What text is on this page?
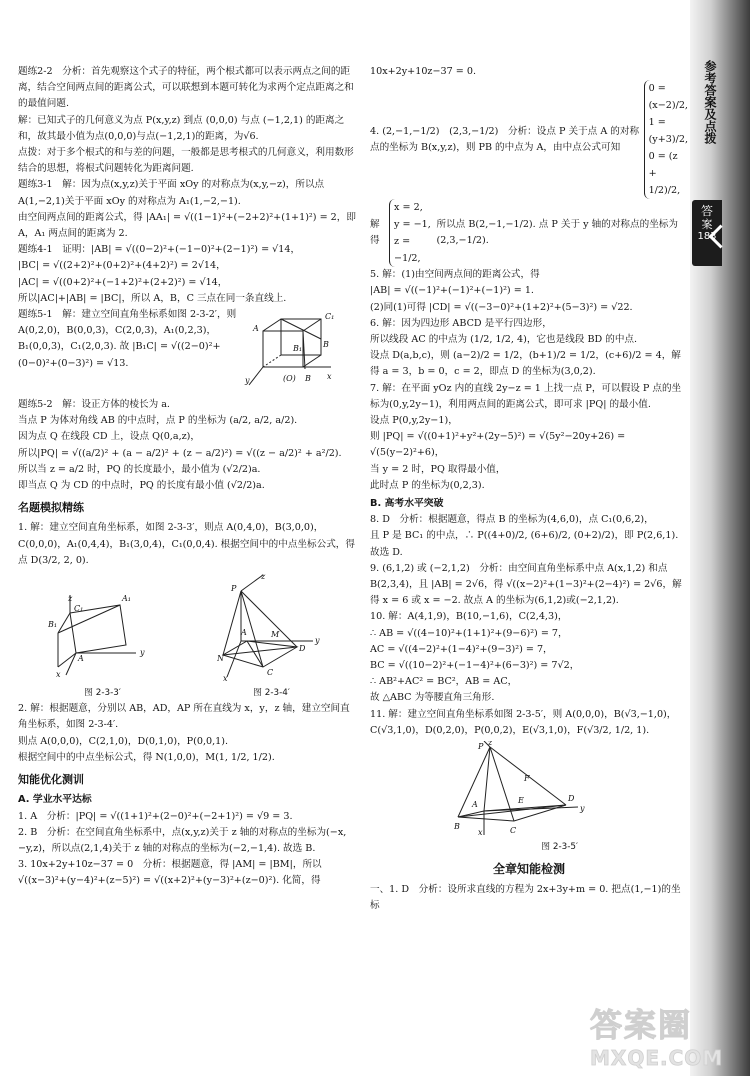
题练2-2　分析：首先观察这个式子的特征，两个根式都可以表示两点之间的距离，结合空间两点间的距离公式，可以联想到本题可转化为求两个定点距离之和的最值问题.

解：已知式子的几何意义为点 P(x,y,z) 到点 (0,0,0) 与点 (−1,2,1) 的距离之和，故其最小值为点(0,0,0)与点(−1,2,1)的距离，为√6.

点拨：对于多个根式的和与差的问题，一般都是思考根式的几何意义，利用数形结合的思想，将根式问题转化为距离问题.

题练3-1　解：因为点(x,y,z)关于平面 xOy 的对称点为(x,y,−z)，所以点 A(1,−2,1)关于平面 xOy 的对称点为 A₁(1,−2,−1).
由空间两点间的距离公式，得 |AA₁| = √((1−1)²+(−2+2)²+(1+1)²) = 2，即 A，A₁ 两点间的距离为 2.

题练4-1　证明：|AB| = √((0−2)²+(−1−0)²+(2−1)²) = √14，
|BC| = √((2+2)²+(0+2)²+(4+2)²) = 2√14，
|AC| = √((0+2)²+(−1+2)²+(2+2)²) = √14，
所以|AC|+|AB| = |BC|，所以 A，B，C 三点在同一条直线上.

题练5-1　解：建立空间直角坐标系如图 2-3-2′，则 A(0,2,0)，B(0,0,3)，C(2,0,3)，A₁(0,2,3)，B₁(0,0,3)，C₁(2,0,3). 故 |B₁C| = √((2−0)²+(0−0)²+(0−3)²) = √13.

A
C₁
B₁	B
y	(O) B x

题练5-2　解：设正方体的棱长为 a.
当点 P 为体对角线 AB 的中点时，点 P 的坐标为 (a/2, a/2, a/2).
因为点 Q 在线段 CD 上，设点 Q(0,a,z)，
所以|PQ| = √((a/2)² + (a − a/2)² + (z − a/2)²) = √((z − a/2)² + a²/2).

所以当 z = a/2 时，PQ 的长度最小，最小值为 (√2/2)a.

即当点 Q 为 CD 的中点时，PQ 的长度有最小值 (√2/2)a.

名题模拟精练

1. 解：建立空间直角坐标系，如图 2-3-3′，则点 A(0,4,0)，B(3,0,0)，C(0,0,0)，A₁(0,4,4)，B₁(3,0,4)，C₁(0,0,4). 根据空间中的中点坐标公式，得点 D(3/2, 2, 0).

z
B₁
A₁
C₁
x
A
y
图 2-3-3′
z
P
A	M
N
C
D
y
x
图 2-3-4′

2. 解：根据题意，分别以 AB，AD，AP 所在直线为 x，y，z 轴，建立空间直角坐标系，如图 2-3-4′.
则点 A(0,0,0)，C(2,1,0)，D(0,1,0)，P(0,0,1).
根据空间中的中点坐标公式，得 N(1,0,0)，M(1, 1/2, 1/2).

知能优化测训

A. 学业水平达标

1. A　分析：|PQ| = √((1+1)²+(2−0)²+(−2+1)²) = √9 = 3.
2. B　分析：在空间直角坐标系中，点(x,y,z)关于 z 轴的对称点的坐标为(−x,−y,z)，所以点(2,1,4)关于 z 轴的对称点的坐标为(−2,−1,4). 故选 B.
3. 10x+2y+10z−37 = 0　分析：根据题意，得 |AM| = |BM|，所以 √((x−3)²+(y−4)²+(z−5)²) = √((x+2)²+(y−3)²+(z−0)²). 化简，得

10x+2y+10z−37 = 0.

4. (2,−1,−1/2)　(2,3,−1/2)　分析：设点 P 关于点 A 的对称点的坐标为 B(x,y,z)，则 PB 的中点为 A，由中点公式可知
0 = (x−2)/2,
1 = (y+3)/2,
0 = (z + 1/2)/2,

解得
x = 2,
y = −1,
z = −1/2,
所以点 B(2,−1,−1/2). 点 P 关于 y 轴的对称点的坐标为(2,3,−1/2).

5. 解：(1)由空间两点间的距离公式，得
|AB| = √((−1)²+(−1)²+(−1)²) = 1.
(2)同(1)可得 |CD| = √((−3−0)²+(1+2)²+(5−3)²) = √22.

6. 解：因为四边形 ABCD 是平行四边形，
所以线段 AC 的中点为 (1/2, 1/2, 4)，它也是线段 BD 的中点.
设点 D(a,b,c)，则 (a−2)/2 = 1/2，(b+1)/2 = 1/2，(c+6)/2 = 4，解得 a = 3，b = 0，c = 2，即点 D 的坐标为(3,0,2).

7. 解：在平面 yOz 内的直线 2y−z = 1 上找一点 P，可以假设 P 点的坐标为(0,y,2y−1)，利用两点间的距离公式，即可求 |PQ| 的最小值.
设点 P(0,y,2y−1)，
则 |PQ| = √((0+1)²+y²+(2y−5)²) = √(5y²−20y+26) = √(5(y−2)²+6)，
当 y = 2 时，PQ 取得最小值，
此时点 P 的坐标为(0,2,3).

B. 高考水平突破

8. D　分析：根据题意，得点 B 的坐标为(4,6,0)，点 C₁(0,6,2)，
且 P 是 BC₁ 的中点，∴ P((4+0)/2, (6+6)/2, (0+2)/2)，即 P(2,6,1). 故选 D.

9. (6,1,2) 或 (−2,1,2)　分析：由空间直角坐标系中点 A(x,1,2) 和点 B(2,3,4)，且 |AB| = 2√6，得 √((x−2)²+(1−3)²+(2−4)²) = 2√6，解得 x = 6 或 x = −2. 故点 A 的坐标为(6,1,2)或(−2,1,2).

10. 解：A(4,1,9)，B(10,−1,6)，C(2,4,3)，
∴ AB = √((4−10)²+(1+1)²+(9−6)²) = 7，
AC = √((4−2)²+(1−4)²+(9−3)²) = 7，
BC = √((10−2)²+(−1−4)²+(6−3)²) = 7√2，
∴ AB²+AC² = BC²，AB = AC，
故 △ABC 为等腰直角三角形.

11. 解：建立空间直角坐标系如图 2-3-5′，则 A(0,0,0)，B(√3,−1,0)，C(√3,1,0)，D(0,2,0)，P(0,0,2)，E(√3,1,0)，F(√3/2, 1/2, 1).

P z
F
A	E
B	C
D
y
x
图 2-3-5′

全章知能检测

一、1. D　分析：设所求直线的方程为 2x+3y+m = 0. 把点(1,−1)的坐标

参考答案及点拨
答
案
183
答案圈
MXQE.COM
